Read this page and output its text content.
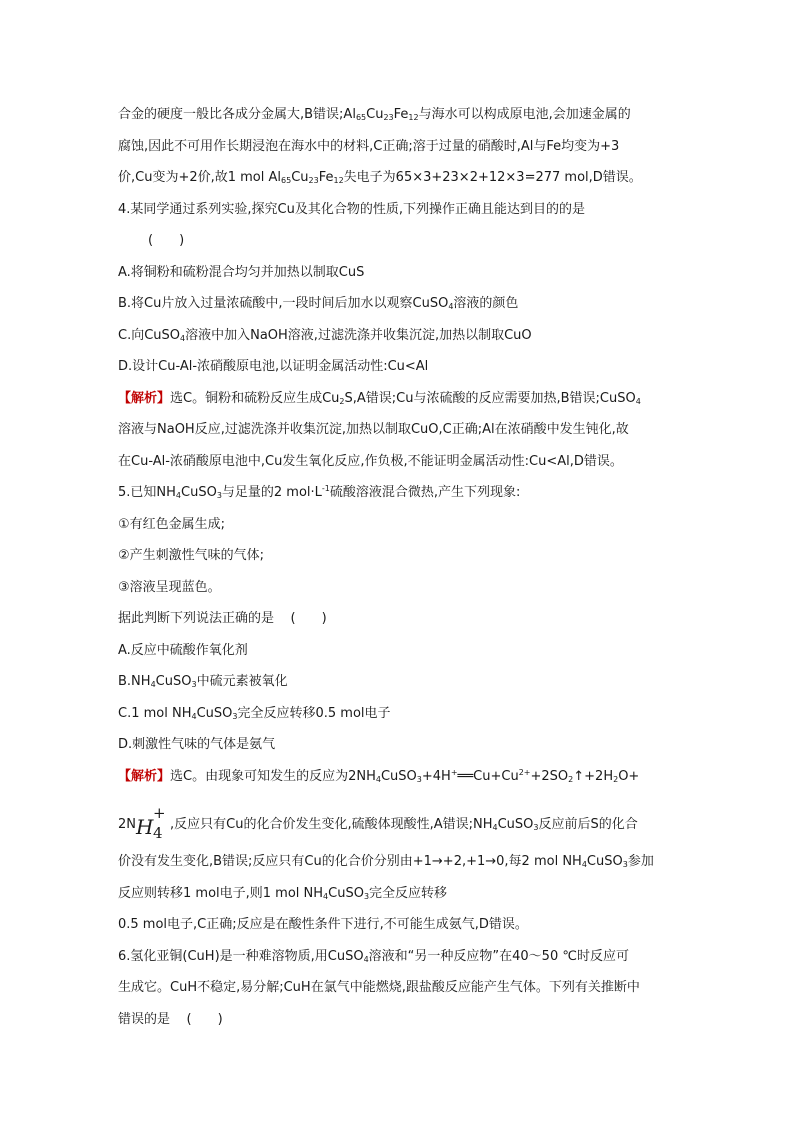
合金的硬度一般比各成分金属大,B错误$;Al_{65}Cu_{23}Fe_{12}$与海水可以构成原电池,会加速金属的

腐蚀,因此不可用作长期浸泡在海水中的材料,C正确;溶于过量的硝酸时,Al与Fe均变为+3

价,Cu变为+2价,故1 mol $Al_{65}Cu_{23}Fe_{12}$失电子为65×3+23×2+12×3=277 mol,D错误。

4.某同学通过系列实验,探究Cu及其化合物的性质,下列操作正确且能达到目的的是

(　　)

A.将铜粉和硫粉混合均匀并加热以制取CuS

B.将Cu片放入过量浓硫酸中,一段时间后加水以观察CuSO$_4$溶液的颜色

C.向CuSO$_4$溶液中加入NaOH溶液,过滤洗涤并收集沉淀,加热以制取CuO

D.设计Cu-Al-浓硝酸原电池,以证明金属活动性:Cu<Al

【解析】选C。铜粉和硫粉反应生成$Cu_2S,A$错误;Cu与浓硫酸的反应需要加热,B错误;CuSO$_4$

溶液与NaOH反应,过滤洗涤并收集沉淀,加热以制取CuO,C正确;Al在浓硝酸中发生钝化,故

在Cu-Al-浓硝酸原电池中,Cu发生氧化反应,作负极,不能证明金属活动性:Cu<Al,D错误。

5.已知$NH_4CuSO_3$与足量的2 $mol\cdot L^{-1}$硫酸溶液混合微热,产生下列现象:

①有红色金属生成;

②产生刺激性气味的气体;

③溶液呈现蓝色。

据此判断下列说法正确的是 (　　)

A.反应中硫酸作氧化剂

$B.NH_4CuSO_3$中硫元素被氧化

C.1 mol $NH_4CuSO_3$完全反应转移0.5 mol电子

D.刺激性气味的气体是氨气

【解析】选C。由现象可知发生的反应为$2NH_4CuSO_3+4H^+══Cu+Cu^{2+}+2SO_2↑+2H_2O+$

2N H
+
4 ,反应只有Cu的化合价发生变化,硫酸体现酸性,A错误$;NH_4CuSO_3$反应前后S的化合

价没有发生变化,B错误;反应只有Cu的化合价分别由+1→+2,+1→0,每2 mol $NH_4CuSO_3$参加

反应则转移1 mol电子,则1 mol $NH_4CuSO_3$完全反应转移

0.5 mol电子,C正确;反应是在酸性条件下进行,不可能生成氨气,D错误。

6.氢化亚铜(CuH)是一种难溶物质,用CuSO$_4$溶液和“另一种反应物”在40～50 ℃时反应可

生成它。CuH不稳定,易分解;CuH在氯气中能燃烧,跟盐酸反应能产生气体。下列有关推断中

错误的是 (　　)
